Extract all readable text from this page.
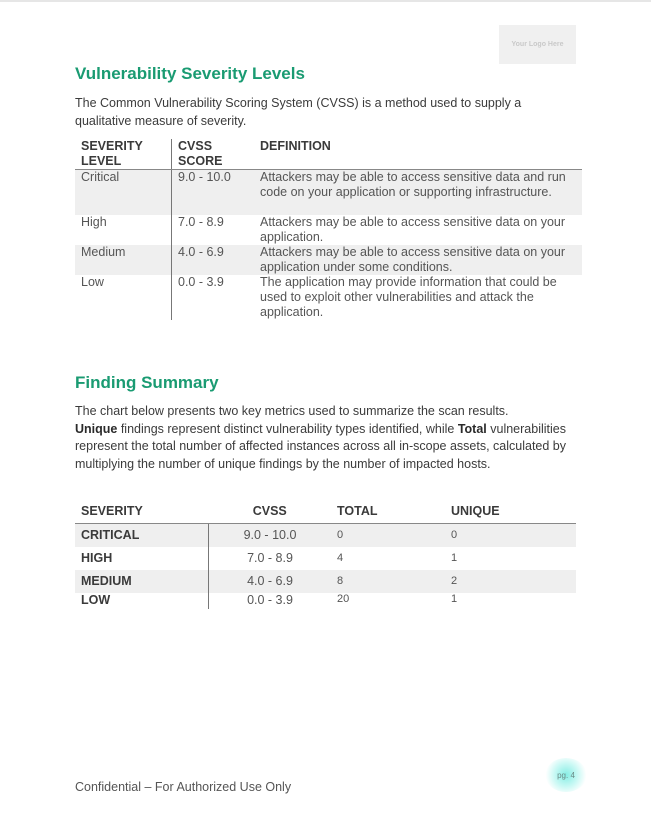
Your Logo Here
Vulnerability Severity Levels

The Common Vulnerability Scoring System (CVSS) is a method used to supply a qualitative measure of severity.

SEVERITY LEVEL	CVSS SCORE	DEFINITION
Critical	9.0 - 10.0	Attackers may be able to access sensitive data and run code on your application or supporting infrastructure.
High	7.0 - 8.9	Attackers may be able to access sensitive data on your application.
Medium	4.0 - 6.9	Attackers may be able to access sensitive data on your application under some conditions.
Low	0.0 - 3.9	The application may provide information that could be used to exploit other vulnerabilities and attack the application.
Finding Summary

The chart below presents two key metrics used to summarize the scan results.
Unique findings represent distinct vulnerability types identified, while Total vulnerabilities represent the total number of affected instances across all in-scope assets, calculated by multiplying the number of unique findings by the number of impacted hosts.

SEVERITY	CVSS	TOTAL	UNIQUE
CRITICAL	9.0 - 10.0	0	0
HIGH	7.0 - 8.9	4	1
MEDIUM	4.0 - 6.9	8	2
LOW	0.0 - 3.9	20	1
Confidential – For Authorized Use Only
pg. 4
